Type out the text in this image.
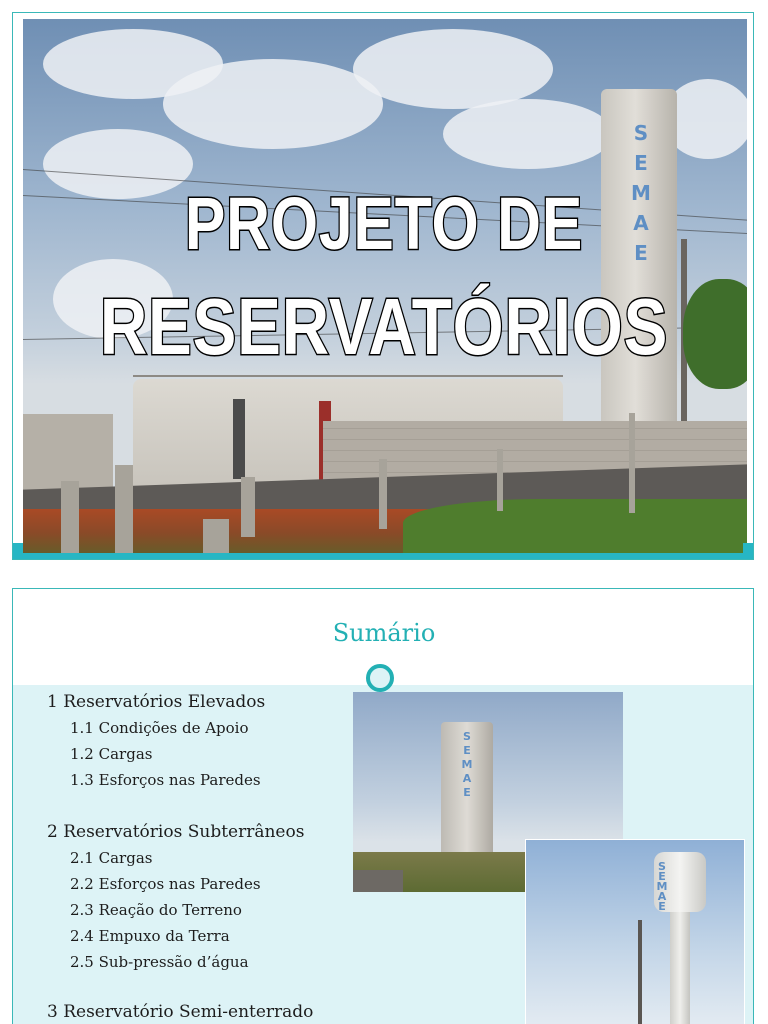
S
E
M
A
E
PROJETO DE
RESERVATÓRIOS
Sumário
1 Reservatórios Elevados
1.1 Condições de Apoio
1.2 Cargas
1.3 Esforços nas Paredes
2 Reservatórios Subterrâneos
2.1 Cargas
2.2 Esforços nas Paredes
2.3 Reação do Terreno
2.4 Empuxo da Terra
2.5 Sub-pressão d’água
3 Reservatório Semi-enterrado
S
E
M
A
E
S
E
M
A
E
